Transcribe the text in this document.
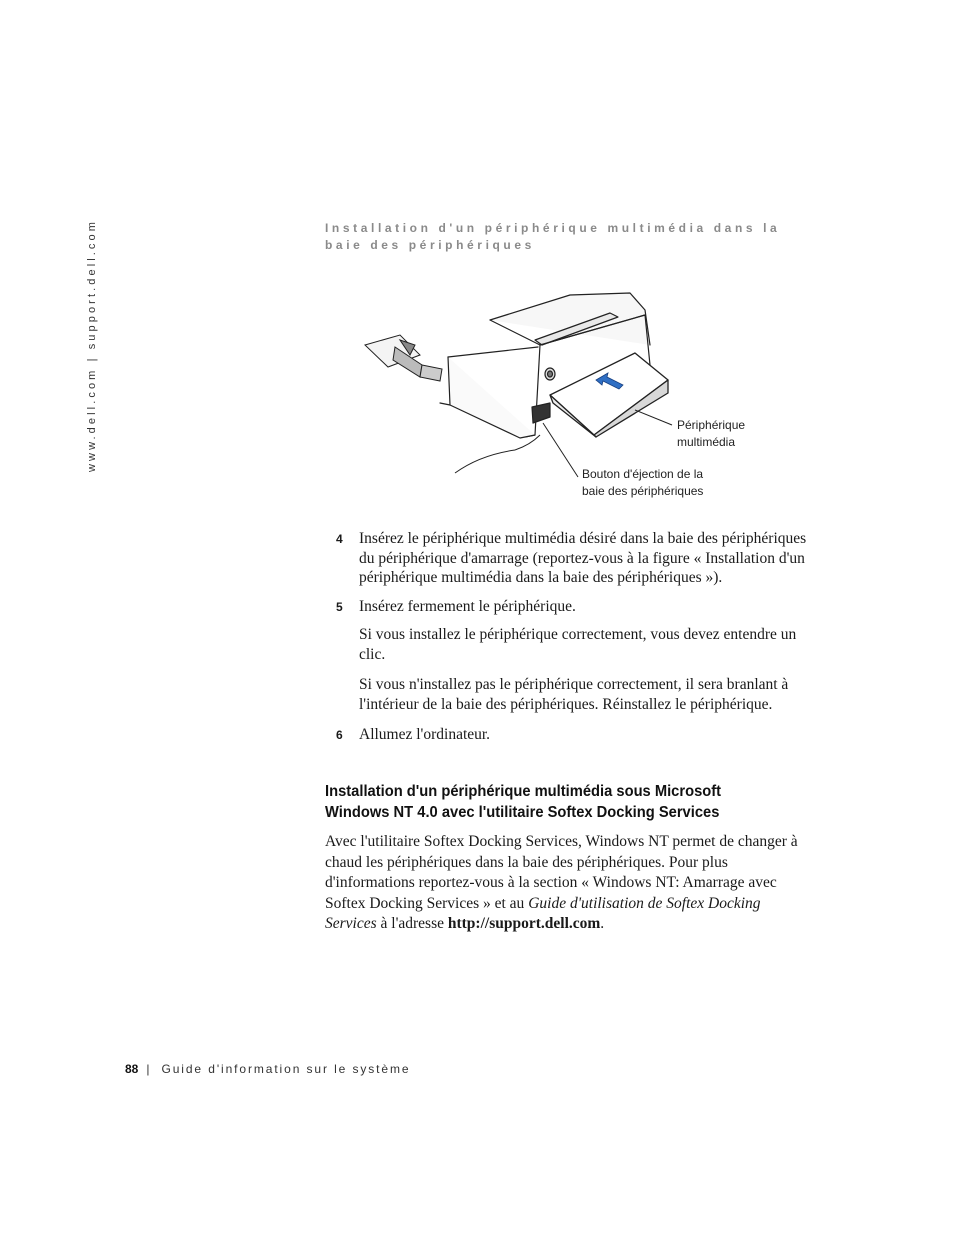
www.dell.com | support.dell.com	Installation d'un périphérique multimédia dans la baie des périphériques

Périphérique
multimédia
Bouton d'éjection de la
baie des périphériques

4 Insérez le périphérique multimédia désiré dans la baie des périphériques du périphérique d'amarrage (reportez-vous à la figure « Installation d'un périphérique multimédia dans la baie des périphériques »).

5 Insérez fermement le périphérique.

Si vous installez le périphérique correctement, vous devez entendre un clic.

Si vous n'installez pas le périphérique correctement, il sera branlant à l'intérieur de la baie des périphériques. Réinstallez le périphérique.

6 Allumez l'ordinateur.

Installation d'un périphérique multimédia sous Microsoft Windows NT 4.0 avec l'utilitaire Softex Docking Services

Avec l'utilitaire Softex Docking Services, Windows NT permet de changer à chaud les périphériques dans la baie des périphériques. Pour plus d'informations reportez-vous à la section « Windows NT: Amarrage avec Softex Docking Services » et au Guide d'utilisation de Softex Docking Services à l'adresse http://support.dell.com.

88 | Guide d'information sur le système
